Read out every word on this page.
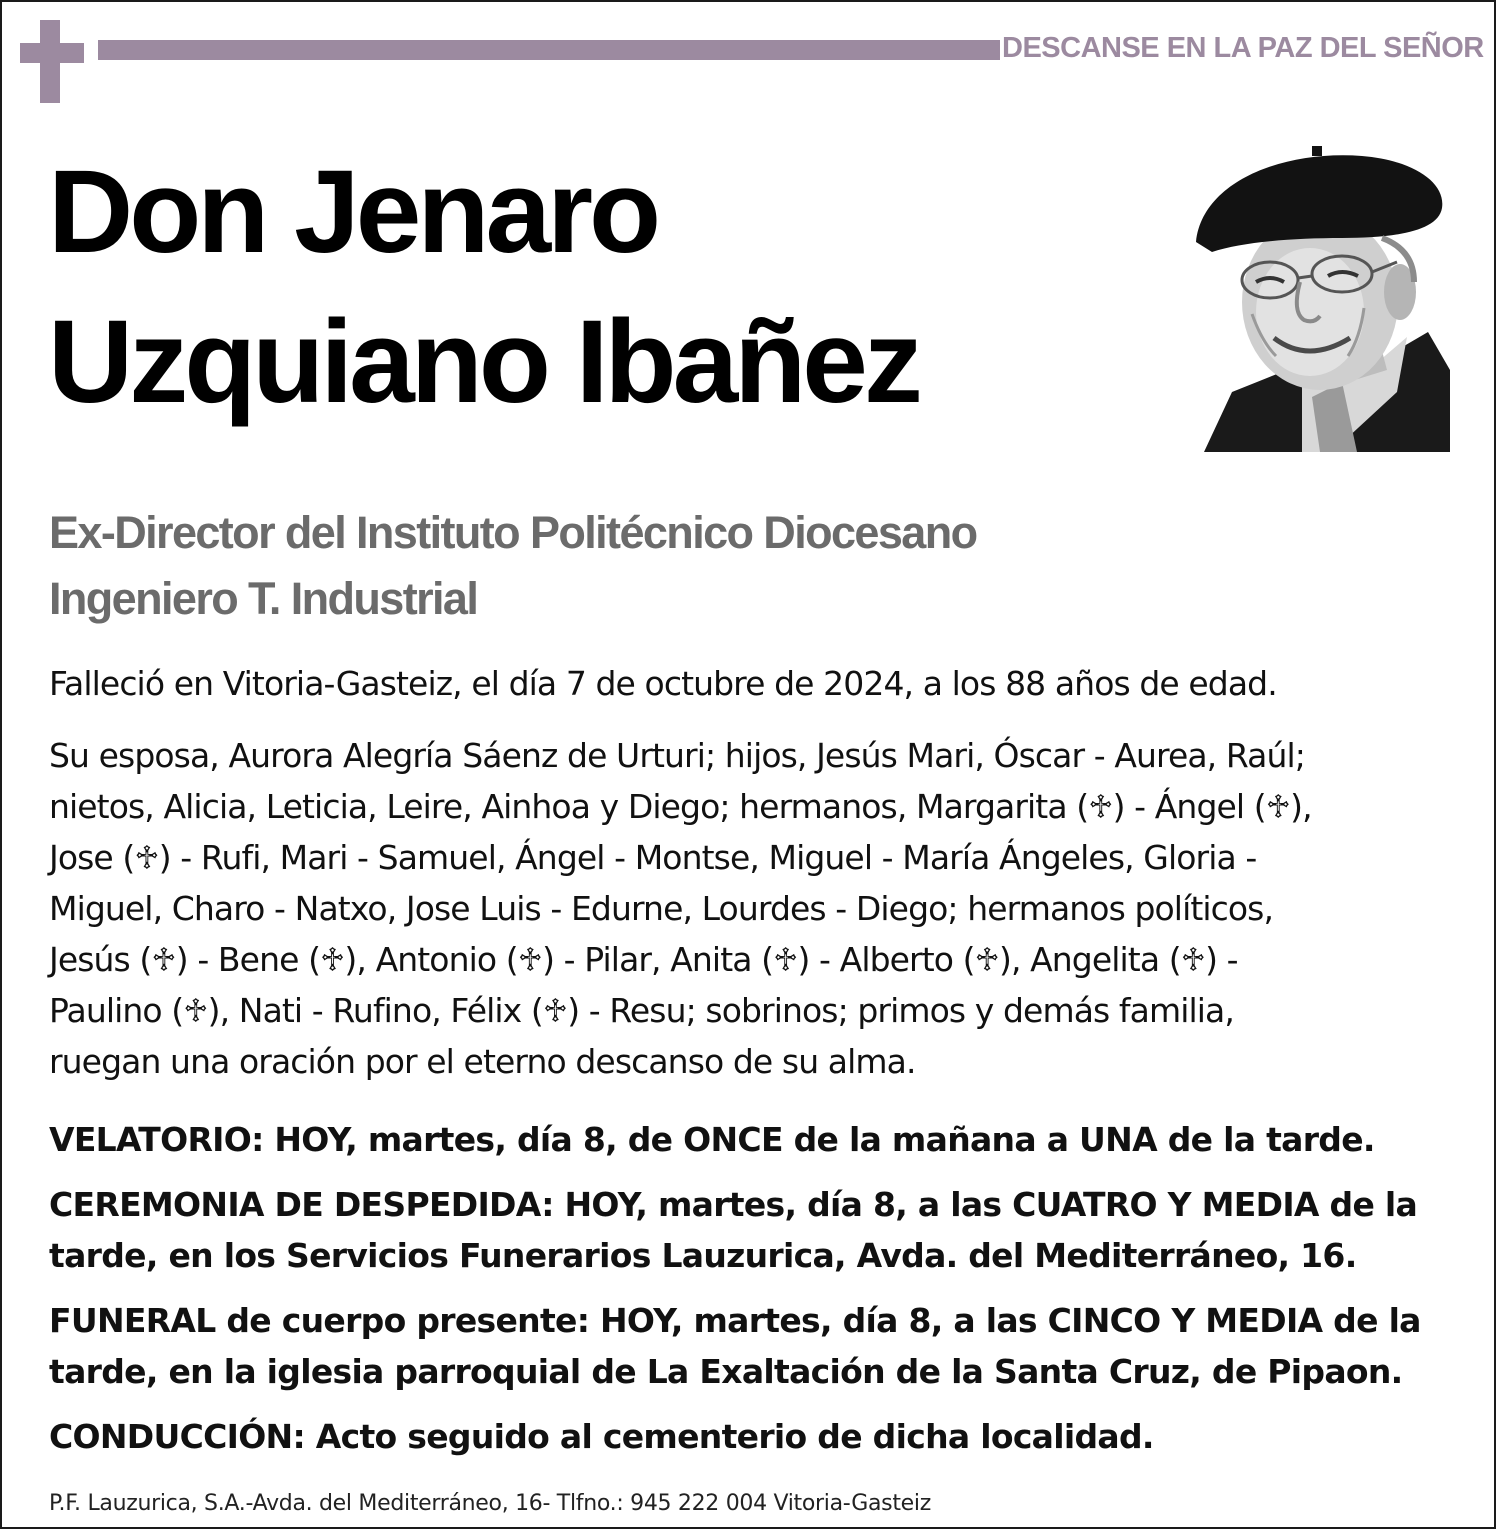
DESCANSE EN LA PAZ DEL SEÑOR
Don Jenaro
Uzquiano Ibañez
Ex-Director del Instituto Politécnico Diocesano
Ingeniero T. Industrial
Falleció en Vitoria-Gasteiz, el día 7 de octubre de 2024, a los 88 años de edad.
Su esposa, Aurora Alegría Sáenz de Urturi; hijos, Jesús Mari, Óscar - Aurea, Raúl;
nietos, Alicia, Leticia, Leire, Ainhoa y Diego; hermanos, Margarita (♱) - Ángel (♱),
Jose (♱) - Rufi, Mari - Samuel, Ángel - Montse, Miguel - María Ángeles, Gloria -
Miguel, Charo - Natxo, Jose Luis - Edurne, Lourdes - Diego; hermanos políticos,
Jesús (♱) - Bene (♱), Antonio (♱) - Pilar, Anita (♱) - Alberto (♱), Angelita (♱) -
Paulino (♱), Nati - Rufino, Félix (♱) - Resu; sobrinos; primos y demás familia,
ruegan una oración por el eterno descanso de su alma.
VELATORIO: HOY, martes, día 8, de ONCE de la mañana a UNA de la tarde.
CEREMONIA DE DESPEDIDA: HOY, martes, día 8, a las CUATRO Y MEDIA de la
tarde, en los Servicios Funerarios Lauzurica, Avda. del Mediterráneo, 16.
FUNERAL de cuerpo presente: HOY, martes, día 8, a las CINCO Y MEDIA de la
tarde, en la iglesia parroquial de La Exaltación de la Santa Cruz, de Pipaon.
CONDUCCIÓN: Acto seguido al cementerio de dicha localidad.
P.F. Lauzurica, S.A.-Avda. del Mediterráneo, 16- Tlfno.: 945 222 004 Vitoria-Gasteiz
